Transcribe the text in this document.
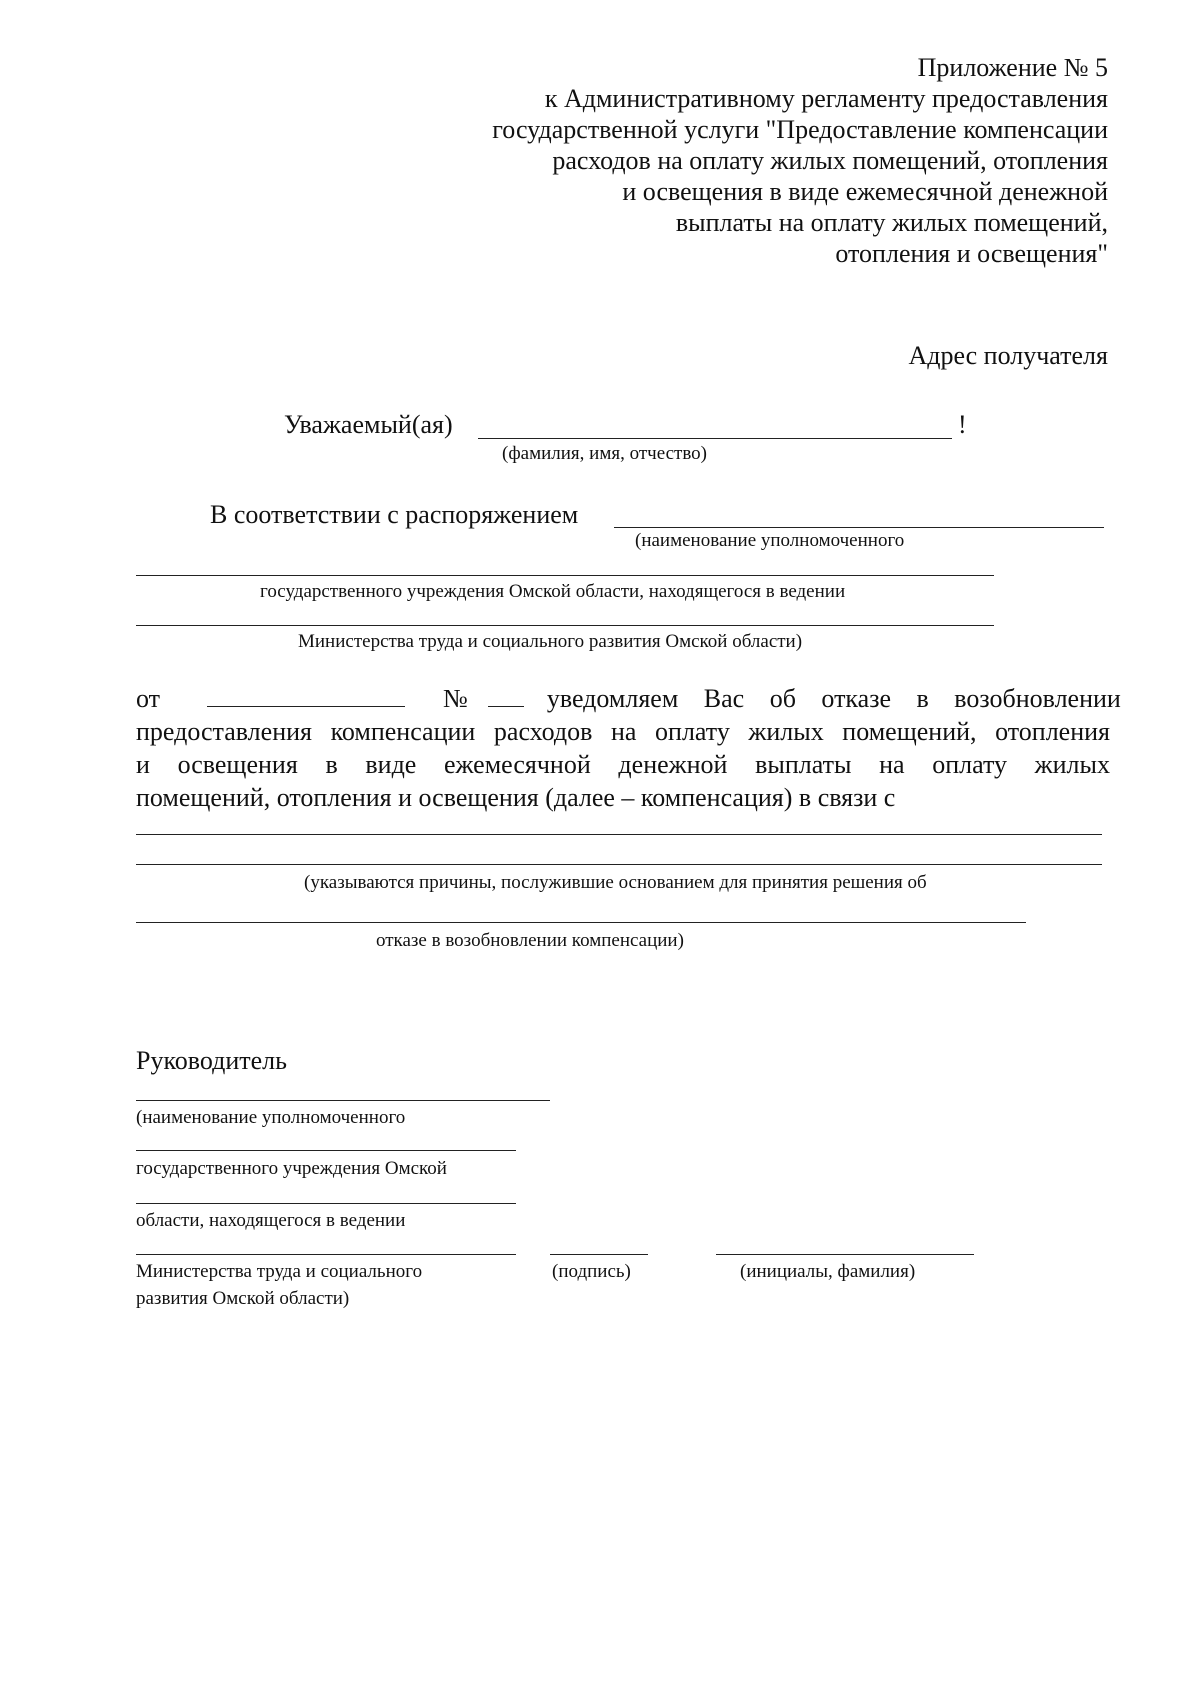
Приложение № 5
к Административному регламенту предоставления
государственной услуги "Предоставление компенсации
расходов на оплату жилых помещений, отопления
и освещения в виде ежемесячной денежной
выплаты на оплату жилых помещений,
отопления и освещения"
Адрес получателя
Уважаемый(ая)	!
(фамилия, имя, отчество)
В соответствии с распоряжением
(наименование уполномоченного
государственного учреждения Омской области, находящегося в ведении
Министерства труда и социального развития Омской области)
от	№	уведомляем Вас об отказе в возобновлении
предоставления компенсации расходов на оплату жилых помещений, отопления
и освещения в виде ежемесячной денежной выплаты на оплату жилых
помещений, отопления и освещения (далее – компенсация) в связи с
(указываются причины, послужившие основанием для принятия решения об
отказе в возобновлении компенсации)
Руководитель
(наименование уполномоченного
государственного учреждения Омской
области, находящегося в ведении
Министерства труда и социального
развития Омской области)
(подпись)	(инициалы, фамилия)
